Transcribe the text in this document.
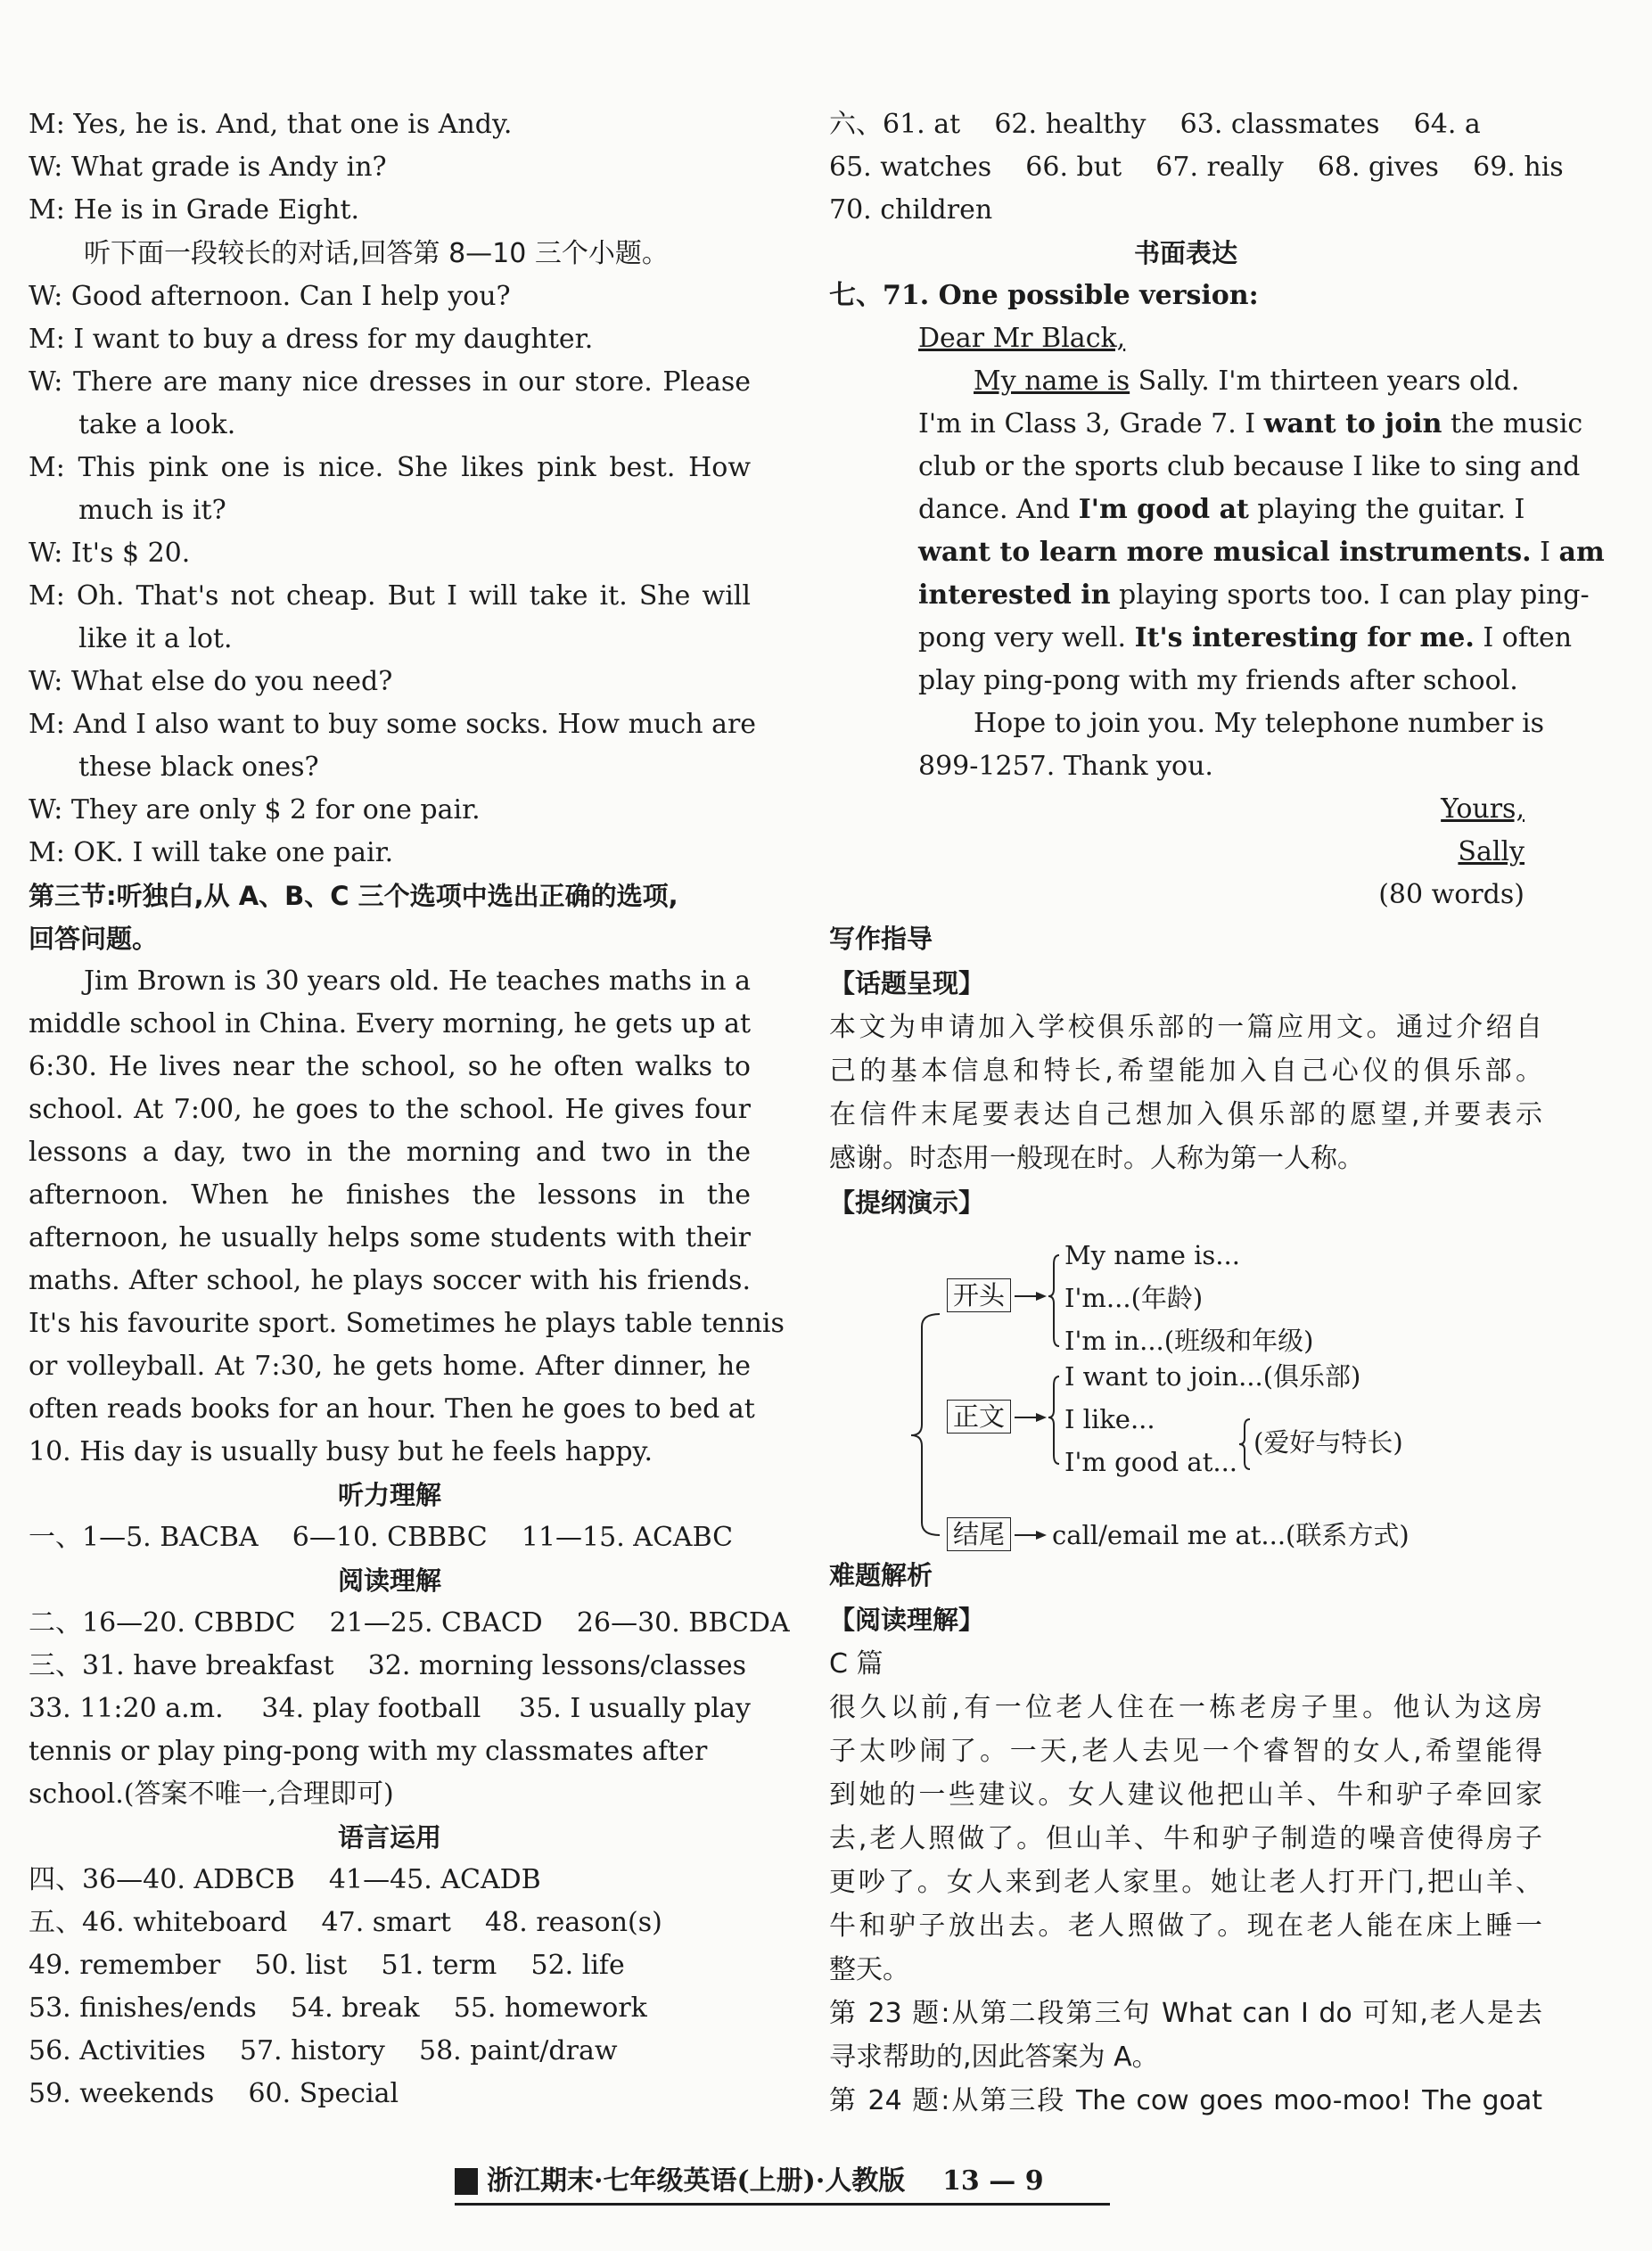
M: Yes, he is. And, that one is Andy.
W: What grade is Andy in?
M: He is in Grade Eight.
听下面一段较长的对话,回答第 8—10 三个小题。
W: Good afternoon. Can I help you?
M: I want to buy a dress for my daughter.
W: There are many nice dresses in our store. Please
take a look.
M: This pink one is nice. She likes pink best. How
much is it?
W: It's $ 20.
M: Oh. That's not cheap. But I will take it. She will
like it a lot.
W: What else do you need?
M: And I also want to buy some socks. How much are
these black ones?
W: They are only $ 2 for one pair.
M: OK. I will take one pair.
第三节:听独白,从 A、B、C 三个选项中选出正确的选项,
回答问题。
Jim Brown is 30 years old. He teaches maths in a
middle school in China. Every morning, he gets up at
6:30. He lives near the school, so he often walks to
school. At 7:00, he goes to the school. He gives four
lessons a day, two in the morning and two in the
afternoon. When he finishes the lessons in the
afternoon, he usually helps some students with their
maths. After school, he plays soccer with his friends.
It's his favourite sport. Sometimes he plays table tennis
or volleyball. At 7:30, he gets home. After dinner, he
often reads books for an hour. Then he goes to bed at
10. His day is usually busy but he feels happy.
听力理解
一、1—5. BACBA 6—10. CBBBC 11—15. ACABC
阅读理解
二、16—20. CBBDC 21—25. CBACD 26—30. BBCDA
三、31. have breakfast 32. morning lessons/classes
33. 11:20 a.m. 34. play football 35. I usually play
tennis or play ping-pong with my classmates after
school.(答案不唯一,合理即可)
语言运用
四、36—40. ADBCB 41—45. ACADB
五、46. whiteboard 47. smart 48. reason(s)
49. remember 50. list 51. term 52. life
53. finishes/ends 54. break 55. homework
56. Activities 57. history 58. paint/draw
59. weekends 60. Special
六、61. at 62. healthy 63. classmates 64. a
65. watches 66. but 67. really 68. gives 69. his
70. children
书面表达
七、71. One possible version:
Dear Mr Black,
My name is Sally. I'm thirteen years old.
I'm in Class 3, Grade 7. I want to join the music
club or the sports club because I like to sing and
dance. And I'm good at playing the guitar. I
want to learn more musical instruments. I am
interested in playing sports too. I can play ping-
pong very well. It's interesting for me. I often
play ping-pong with my friends after school.
Hope to join you. My telephone number is
899-1257. Thank you.
Yours,
Sally
(80 words)
写作指导
【话题呈现】
本文为申请加入学校俱乐部的一篇应用文。通过介绍自
己的基本信息和特长,希望能加入自己心仪的俱乐部。
在信件末尾要表达自己想加入俱乐部的愿望,并要表示
感谢。时态用一般现在时。人称为第一人称。
【提纲演示】
开头
My name is...
I'm...(年龄)
I'm in...(班级和年级)
正文
I want to join...(俱乐部)
I like...
I'm good at...
(爱好与特长)
结尾 call/email me at...(联系方式)
难题解析
【阅读理解】
C 篇
很久以前,有一位老人住在一栋老房子里。他认为这房
子太吵闹了。一天,老人去见一个睿智的女人,希望能得
到她的一些建议。女人建议他把山羊、牛和驴子牵回家
去,老人照做了。但山羊、牛和驴子制造的噪音使得房子
更吵了。女人来到老人家里。她让老人打开门,把山羊、
牛和驴子放出去。老人照做了。现在老人能在床上睡一
整天。
第 23 题:从第二段第三句 What can I do 可知,老人是去
寻求帮助的,因此答案为 A。
第 24 题:从第三段 The cow goes moo-moo! The goat
浙江期末·七年级英语(上册)·人教版 13 — 9
